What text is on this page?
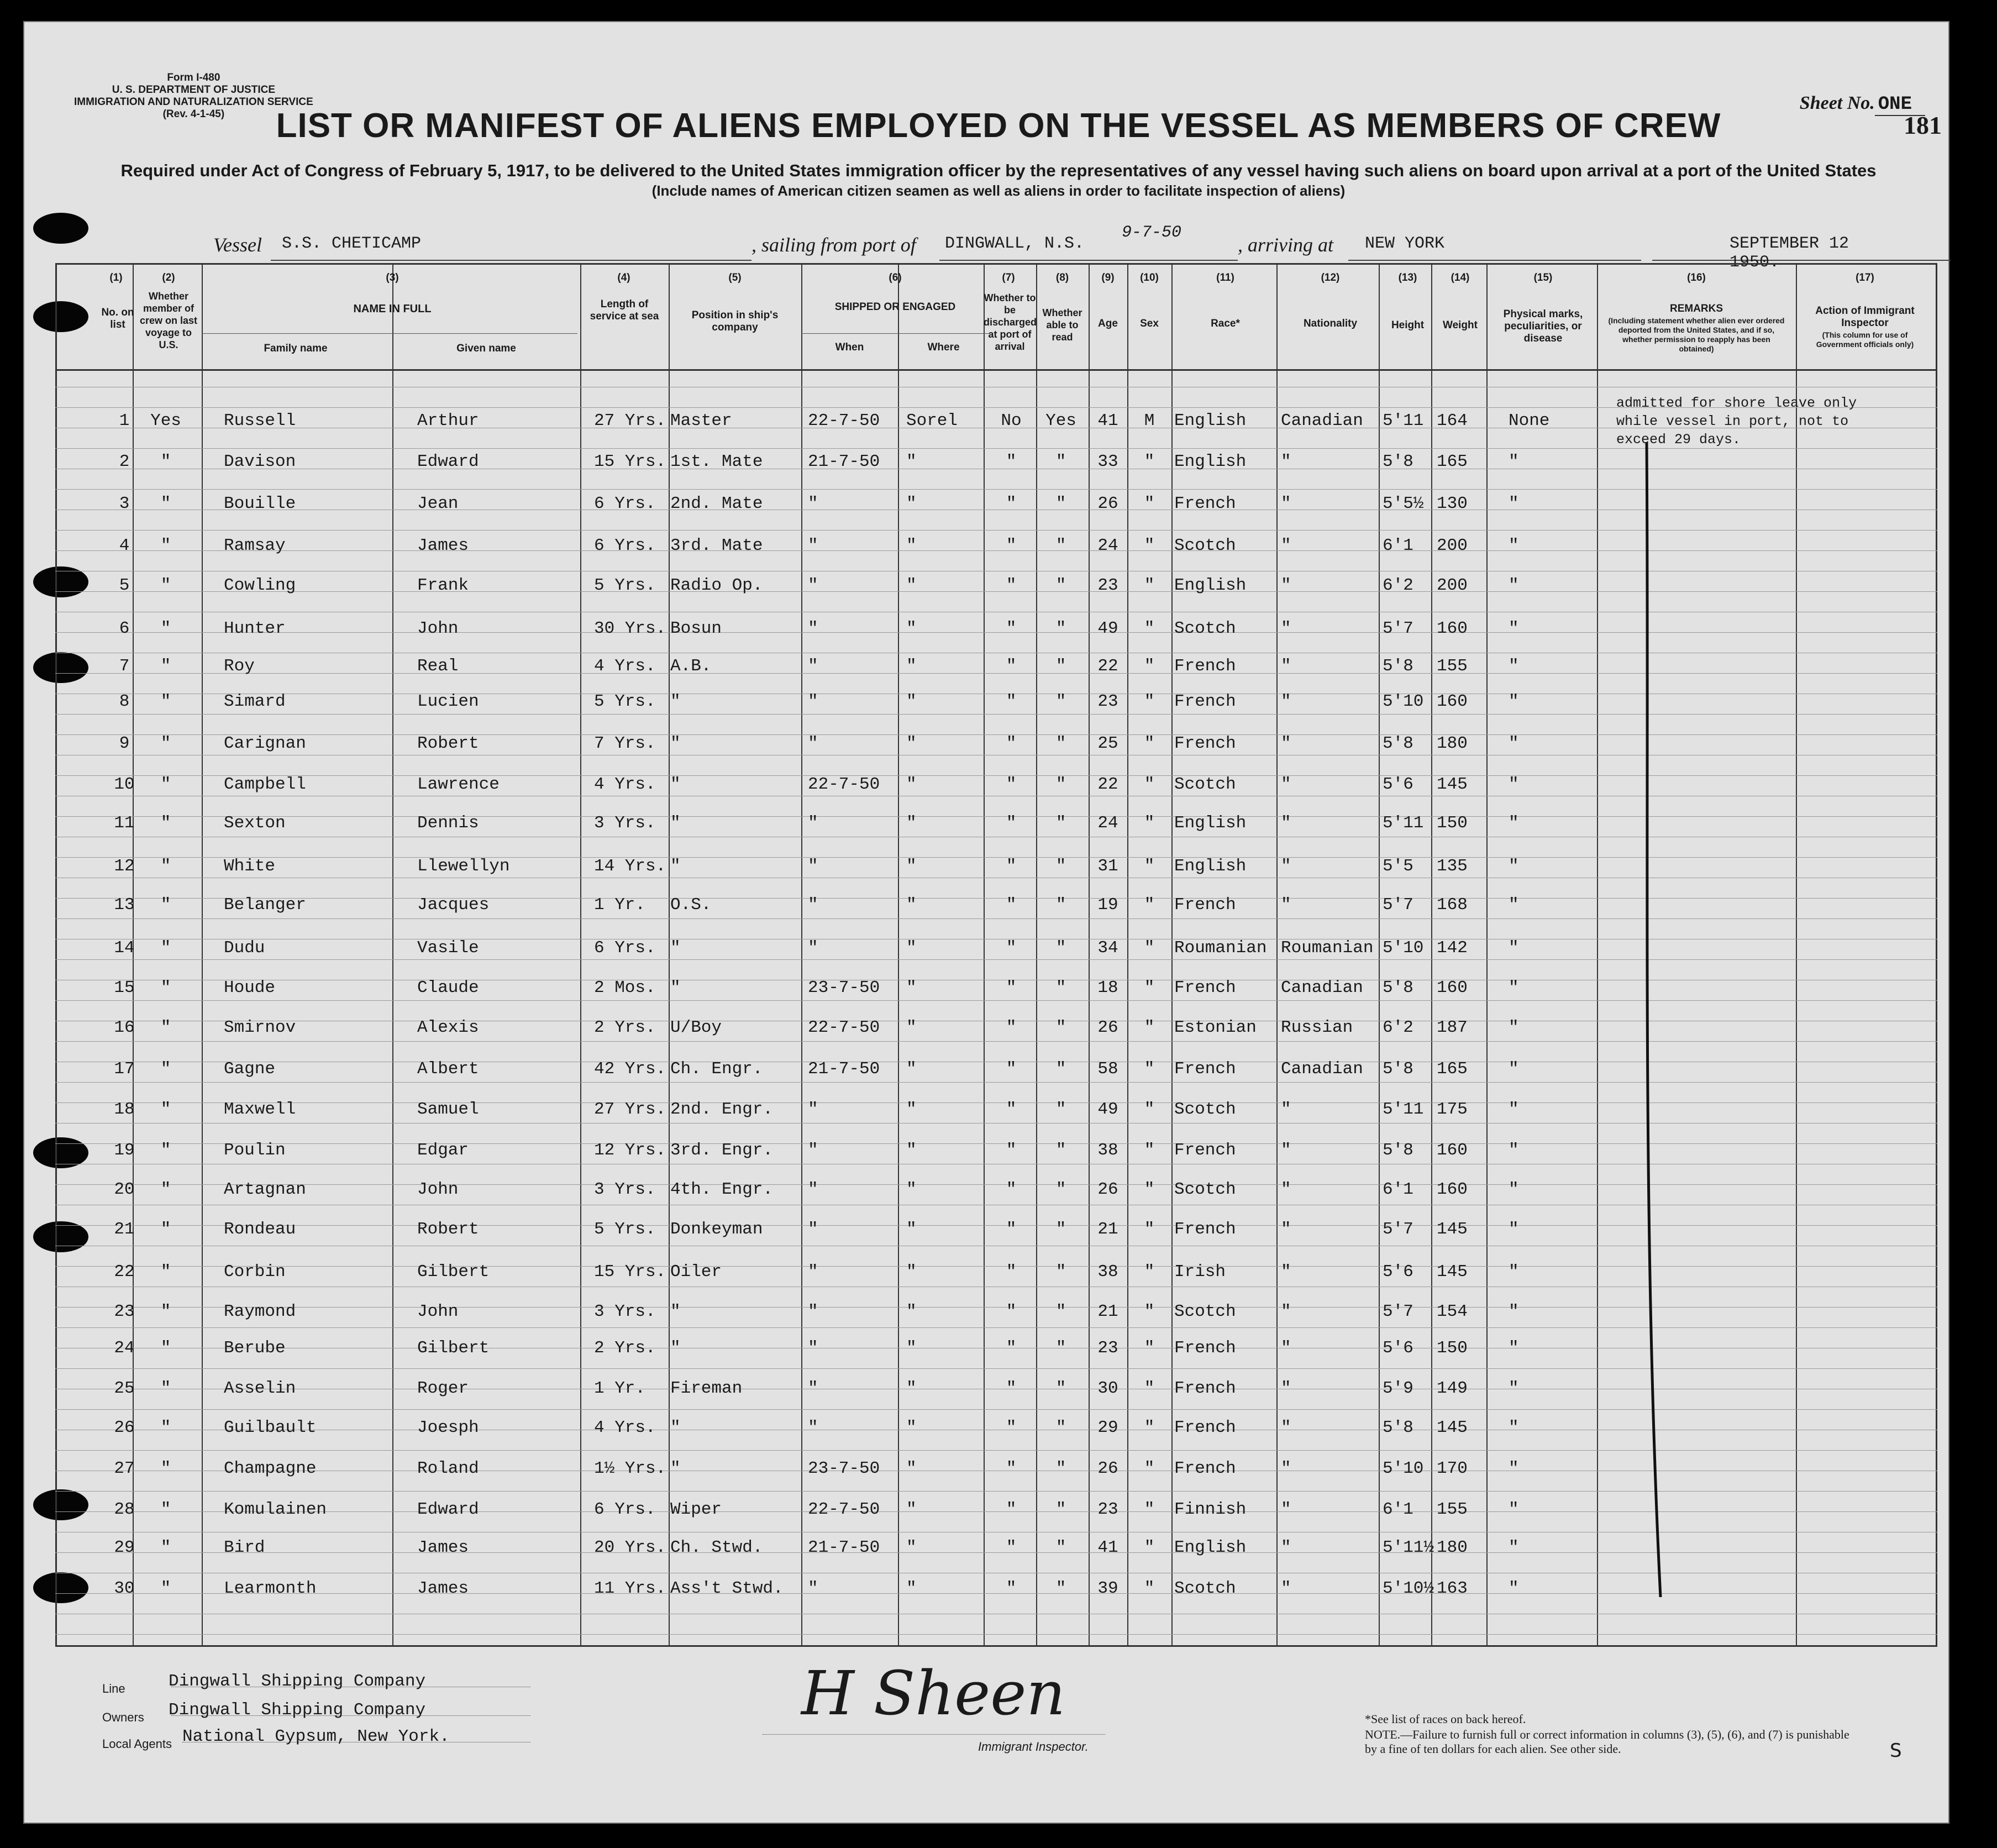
Form I-480
U. S. DEPARTMENT OF JUSTICE
IMMIGRATION AND NATURALIZATION SERVICE
(Rev. 4-1-45)
Sheet No. ONE
181
LIST OR MANIFEST OF ALIENS EMPLOYED ON THE VESSEL AS MEMBERS OF CREW
Required under Act of Congress of February 5, 1917, to be delivered to the United States immigration officer by the representatives of any vessel having such aliens on board upon arrival at a port of the United States
(Include names of American citizen seamen as well as aliens in order to facilitate inspection of aliens)
Vessel S.S. CHETICAMP	, sailing from port of DINGWALL, N.S.
9-7-50
, arriving at NEW YORK	SEPTEMBER 12 1950.
(1)
No. on list
(2)
Whether member of crew on last voyage to U.S.
(3)
NAME IN FULL
Family name	Given name
(4)
Length of service at sea
(5)
Position in ship's company
(6)
SHIPPED OR ENGAGED
When	Where
(7)
Whether to be discharged at port of arrival
(8)
Whether able to read
(9)
Age
(10)
Sex
(11)
Race*
(12)
Nationality
(13)
Height
(14)
Weight
(15)
Physical marks, peculiarities, or disease
(16)
REMARKS
(Including statement whether alien ever ordered deported from the United States, and if so, whether permission to reapply has been obtained)
(17)
Action of Immigrant Inspector
(This column for use of Government officials only)
1	Yes Russell	Arthur	27 Yrs. Master	22-7-50 Sorel	No	Yes	41	M	English Canadian 5'11 164 None
2	"	Davison	Edward	15 Yrs. 1st. Mate	21-7-50 "	"	"	33	"	English "	5'8 165 "
3	"	Bouille	Jean	6 Yrs. 2nd. Mate	"	"	"	"	26	"	French	"	5'5½ 130 "
4	"	Ramsay	James	6 Yrs. 3rd. Mate	"	"	"	"	24	"	Scotch	"	6'1 200 "
5	"	Cowling	Frank	5 Yrs. Radio Op.	"	"	"	"	23	"	English "	6'2 200 "
6	"	Hunter	John	30 Yrs. Bosun	"	"	"	"	49	"	Scotch	"	5'7 160 "
7	"	Roy	Real	4 Yrs. A.B.	"	"	"	"	22	"	French	"	5'8 155 "
8	"	Simard	Lucien	5 Yrs. "	"	"	"	"	23	"	French	"	5'10 160 "
9	"	Carignan	Robert	7 Yrs. "	"	"	"	"	25	"	French	"	5'8 180 "
10	"	Campbell	Lawrence	4 Yrs. "	22-7-50 "	"	"	22	"	Scotch	"	5'6 145 "
11	"	Sexton	Dennis	3 Yrs. "	"	"	"	"	24	"	English "	5'11 150 "
12	"	White	Llewellyn	14 Yrs. "	"	"	"	"	31	"	English "	5'5 135 "
13	"	Belanger	Jacques	1 Yr. O.S.	"	"	"	"	19	"	French	"	5'7 168 "
14	"	Dudu	Vasile	6 Yrs. "	"	"	"	"	34	"	Roumanian Roumanian 5'10 142 "
15	"	Houde	Claude	2 Mos. "	23-7-50 "	"	"	18	"	French	Canadian 5'8 160 "
16	"	Smirnov	Alexis	2 Yrs. U/Boy	22-7-50 "	"	"	26	"	Estonian Russian 6'2 187 "
17	"	Gagne	Albert	42 Yrs. Ch. Engr.	21-7-50 "	"	"	58	"	French	Canadian 5'8 165 "
18	"	Maxwell	Samuel	27 Yrs. 2nd. Engr. "	"	"	"	49	"	Scotch	"	5'11 175 "
19	"	Poulin	Edgar	12 Yrs. 3rd. Engr. "	"	"	"	38	"	French	"	5'8 160 "
20	"	Artagnan	John	3 Yrs. 4th. Engr. "	"	"	"	26	"	Scotch	"	6'1 160 "
21	"	Rondeau	Robert	5 Yrs. Donkeyman	"	"	"	"	21	"	French	"	5'7 145 "
22	"	Corbin	Gilbert	15 Yrs. Oiler	"	"	"	"	38	"	Irish	"	5'6 145 "
23	"	Raymond	John	3 Yrs. "	"	"	"	"	21	"	Scotch	"	5'7 154 "
24	"	Berube	Gilbert	2 Yrs. "	"	"	"	"	23	"	French	"	5'6 150 "
25	"	Asselin	Roger	1 Yr. Fireman	"	"	"	"	30	"	French	"	5'9 149 "
26	"	Guilbault	Joesph	4 Yrs. "	"	"	"	"	29	"	French	"	5'8 145 "
27	"	Champagne	Roland	1½ Yrs. "	23-7-50 "	"	"	26	"	French	"	5'10 170 "
28	"	Komulainen	Edward	6 Yrs. Wiper	22-7-50 "	"	"	23	"	Finnish "	6'1 155 "
29	"	Bird	James	20 Yrs. Ch. Stwd.	21-7-50 "	"	"	41	"	English "	5'11½ 180 "
30	"	Learmonth	James	11 Yrs. Ass't Stwd. "	"	"	"	39	"	Scotch	"	5'10½ 163 "
admitted for shore leave only
while vessel in port, not to
exceed 29 days.
Line	Dingwall Shipping Company
Owners Dingwall Shipping Company
Local Agents National Gypsum, New York.
H Sheen
Immigrant Inspector.
*See list of races on back hereof.
NOTE.—Failure to furnish full or correct information in columns (3), (5), (6), and (7) is punishable by a fine of ten dollars for each alien. See other side.	S
